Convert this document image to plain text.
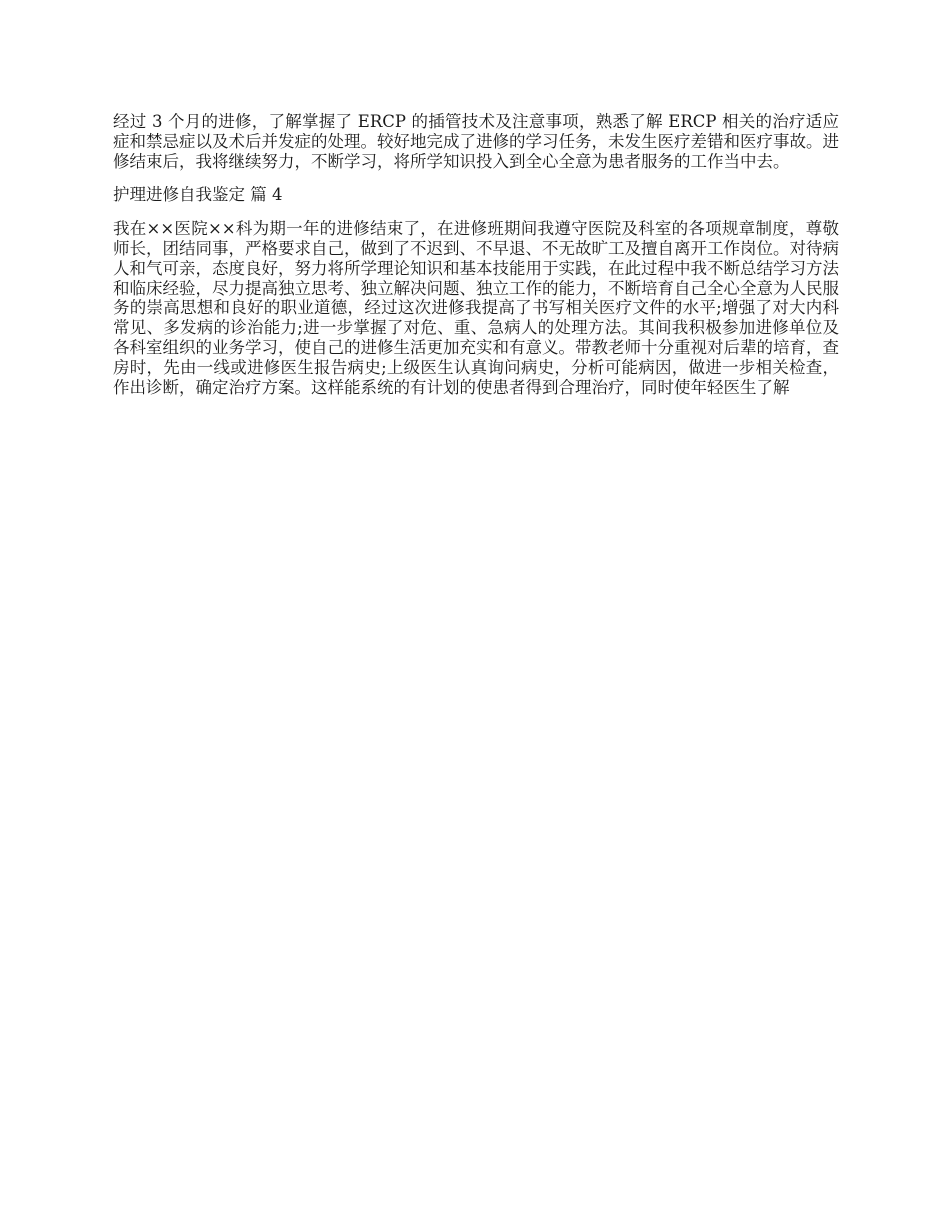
经过 3 个月的进修，了解掌握了 ERCP 的插管技术及注意事项，熟悉了解 ERCP 相关的治疗适应症和禁忌症以及术后并发症的处理。较好地完成了进修的学习任务，未发生医疗差错和医疗事故。进修结束后，我将继续努力，不断学习，将所学知识投入到全心全意为患者服务的工作当中去。

护理进修自我鉴定 篇 4

我在××医院××科为期一年的进修结束了，在进修班期间我遵守医院及科室的各项规章制度，尊敬师长，团结同事，严格要求自己，做到了不迟到、不早退、不无故旷工及擅自离开工作岗位。对待病人和气可亲，态度良好，努力将所学理论知识和基本技能用于实践，在此过程中我不断总结学习方法和临床经验，尽力提高独立思考、独立解决问题、独立工作的能力，不断培育自己全心全意为人民服务的崇高思想和良好的职业道德，经过这次进修我提高了书写相关医疗文件的水平;增强了对大内科常见、多发病的诊治能力;进一步掌握了对危、重、急病人的处理方法。其间我积极参加进修单位及各科室组织的业务学习，使自己的进修生活更加充实和有意义。带教老师十分重视对后辈的培育，查房时，先由一线或进修医生报告病史;上级医生认真询问病史，分析可能病因，做进一步相关检查，作出诊断，确定治疗方案。这样能系统的有计划的使患者得到合理治疗，同时使年轻医生了解
